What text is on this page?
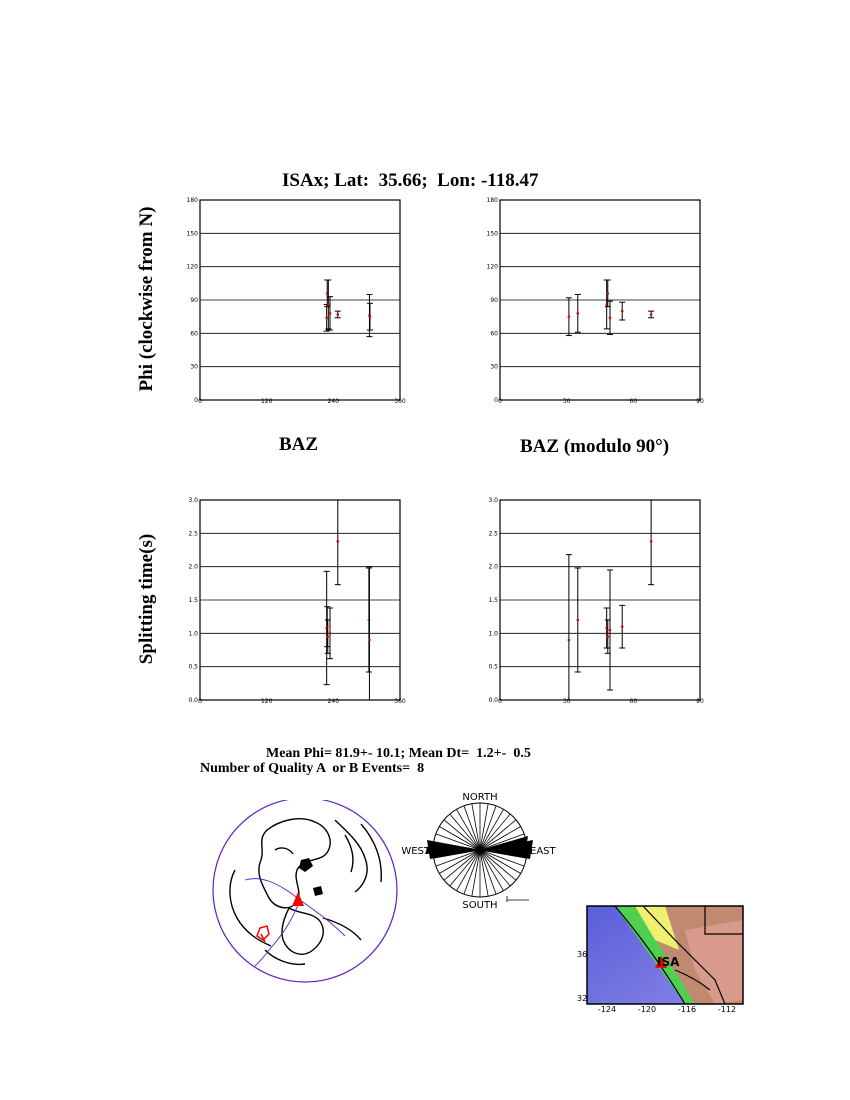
ISAx; Lat:  35.66;  Lon: -118.47
Phi (clockwise from N)
Splitting time(s)
BAZ	BAZ (modulo 90°)
180
150
120
90
60
30
0 0	120	240	360
180
150
120
90
60
30
0 0	30	60	90
3.0
2.5
2.0
1.5
1.0
0.5
0.0 0	120	240	360
3.0
2.5
2.0
1.5
1.0
0.5
0.0 0	30	60	90
Mean Phi= 81.9+- 10.1; Mean Dt=  1.2+-  0.5
Number of Quality A  or B Events=  8
NORTH
SOUTH
WEST	EAST
ISA
36
32
-124	-120	-116	-112
